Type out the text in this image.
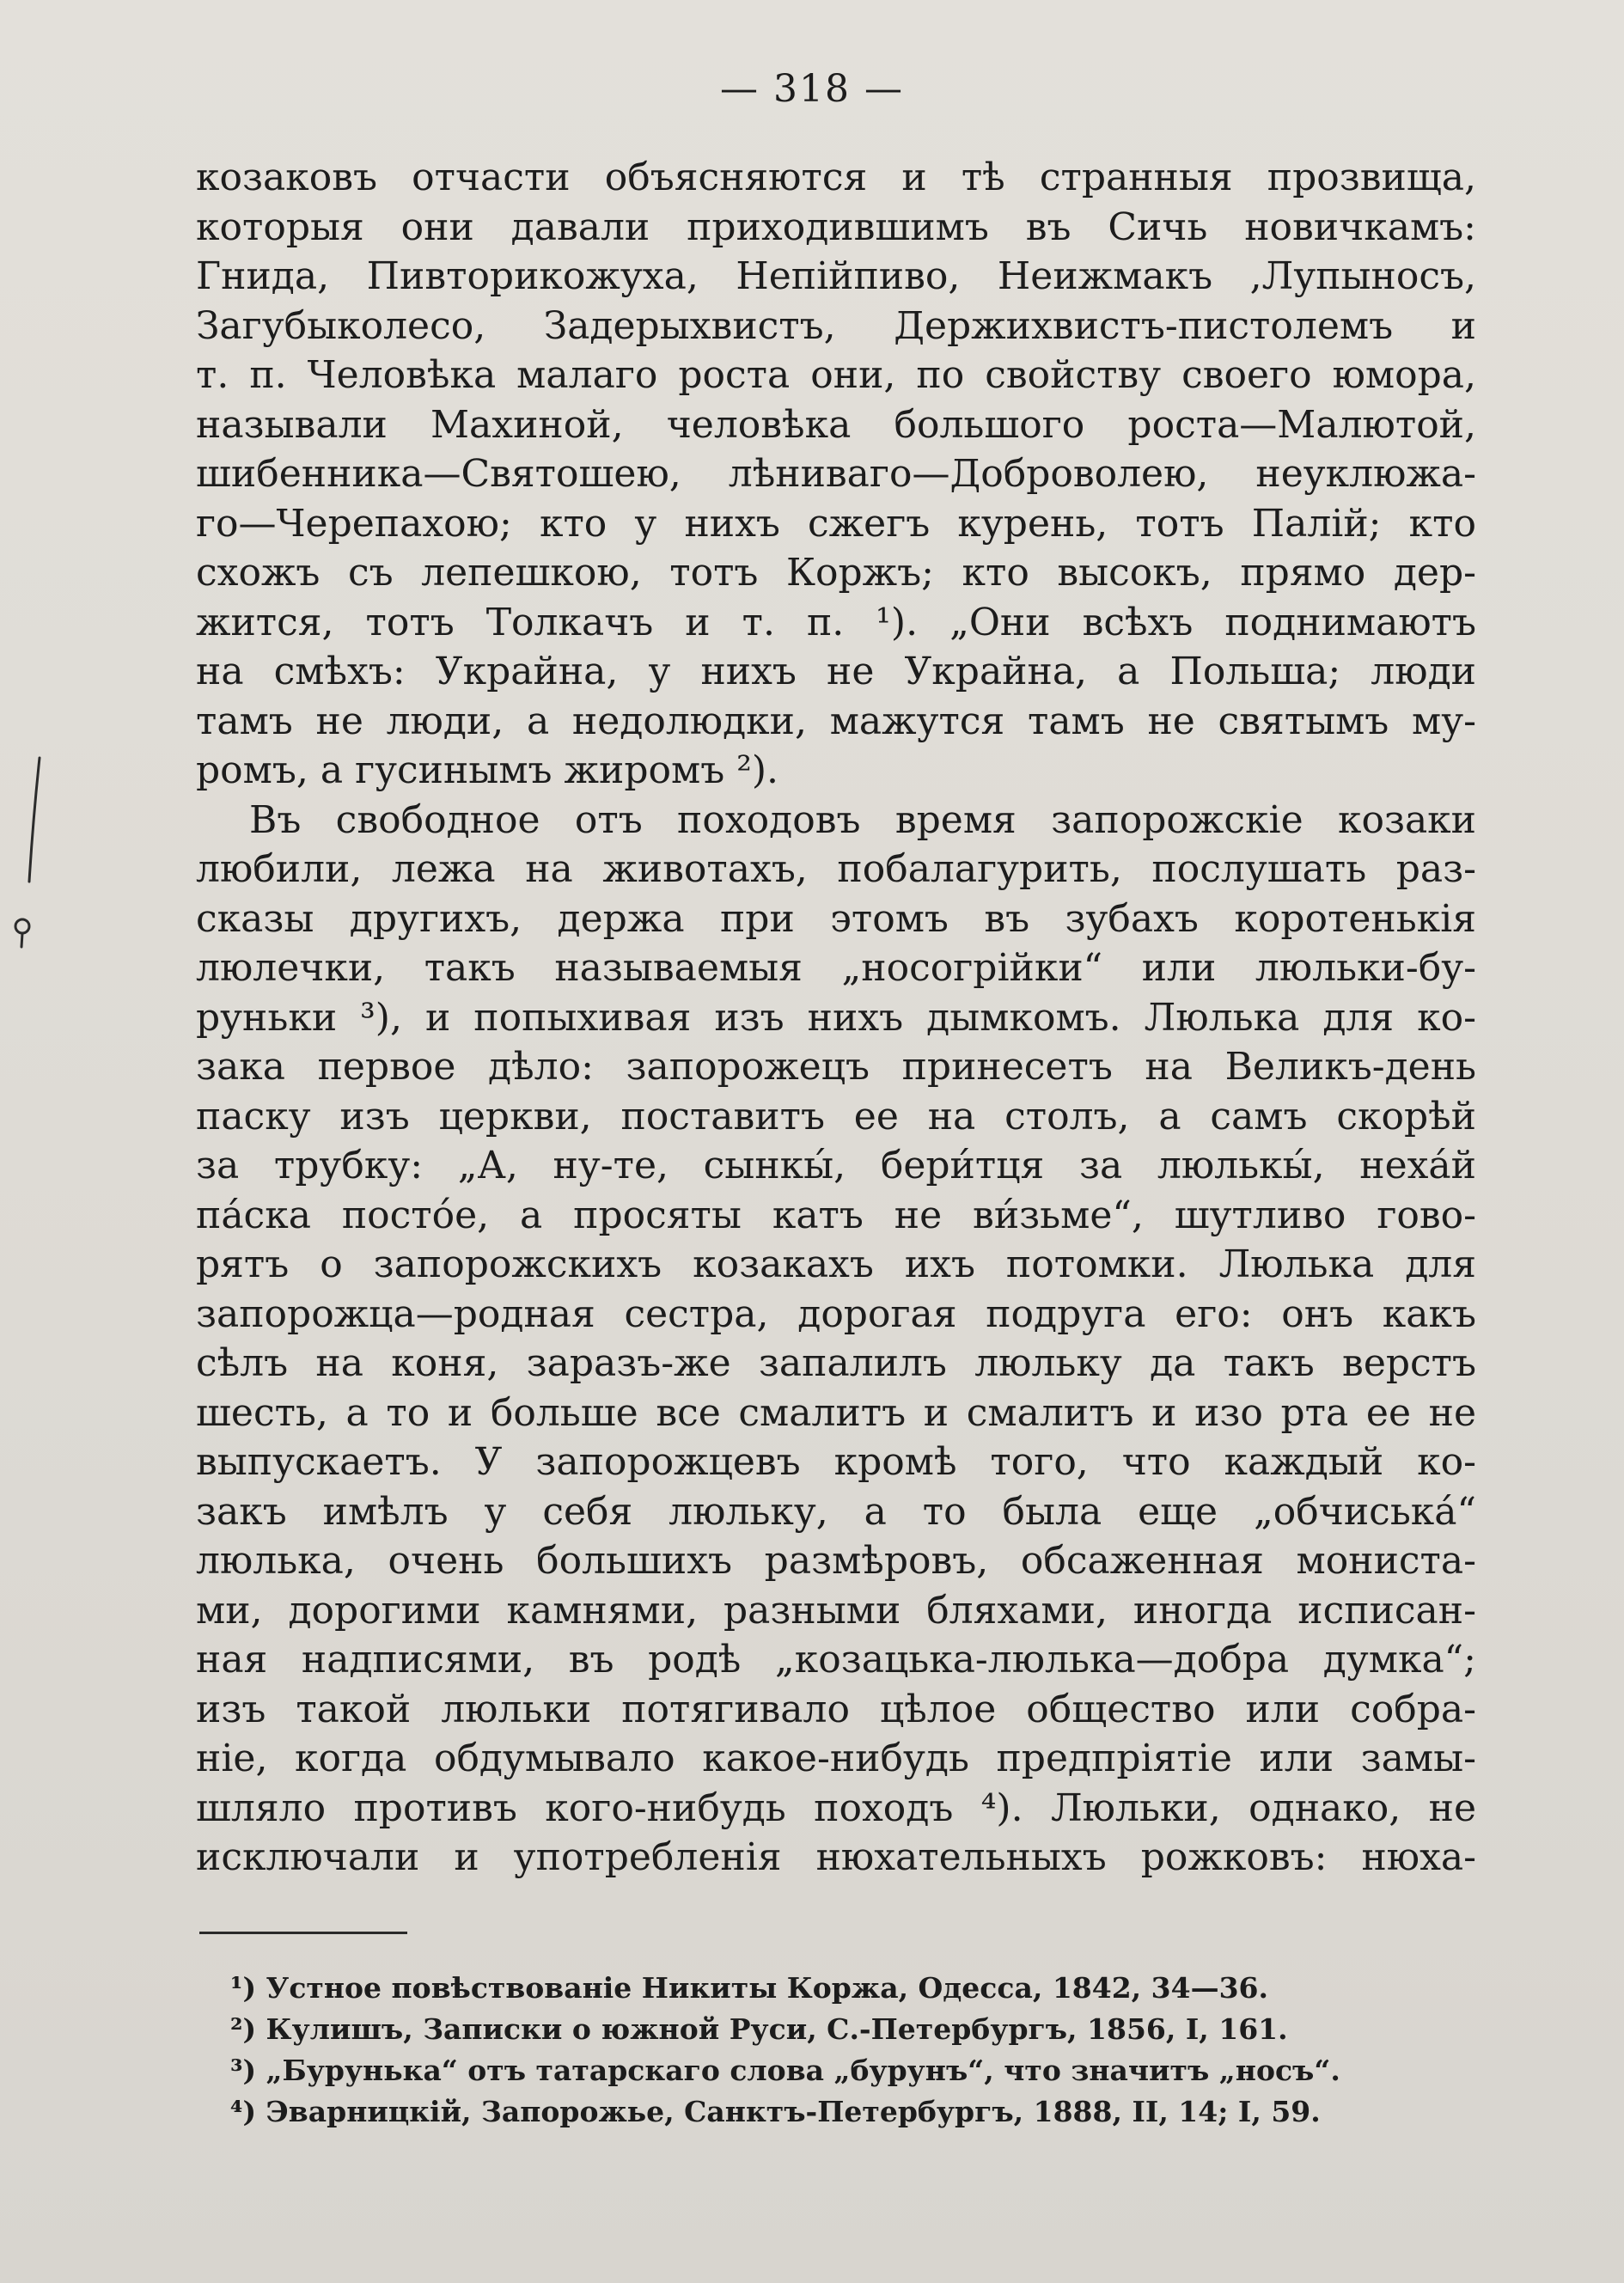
— 318 —
козаковъ отчасти объясняются и тѣ странныя прозвища,
которыя они давали приходившимъ въ Сичь новичкамъ:
Гнида, Пивторикожуха, Непійпиво, Неижмакъ ,Лупыносъ,
Загубыколесо, Задерыхвистъ, Держихвистъ-пистолемъ и
т. п. Человѣка малаго роста они, по свойству своего юмора,
называли Махиной, человѣка большого роста—Малютой,
шибенника—Святошею, лѣниваго—Доброволею, неуклюжа-
го—Черепахою; кто у нихъ сжегъ курень, тотъ Палій; кто
схожъ съ лепешкою, тотъ Коржъ; кто высокъ, прямо дер-
жится, тотъ Толкачъ и т. п. ¹). „Они всѣхъ поднимаютъ
на смѣхъ: Украйна, у нихъ не Украйна, а Польша; люди
тамъ не люди, а недолюдки, мажутся тамъ не святымъ му-
ромъ, а гусинымъ жиромъ ²).
Въ свободное отъ походовъ время запорожскіе козаки
любили, лежа на животахъ, побалагурить, послушать раз-
сказы другихъ, держа при этомъ въ зубахъ коротенькія
люлечки, такъ называемыя „носогрійки“ или люльки-бу-
руньки ³), и попыхивая изъ нихъ дымкомъ. Люлька для ко-
зака первое дѣло: запорожецъ принесетъ на Великъ-день
паску изъ церкви, поставитъ ее на столъ, а самъ скорѣй
за трубку: „А, ну-те, сынкы́, бери́тця за люлькы́, неха́й
па́ска постóе, а просяты катъ не ви́зьме“, шутливо гово-
рятъ о запорожскихъ козакахъ ихъ потомки. Люлька для
запорожца—родная сестра, дорогая подруга его: онъ какъ
сѣлъ на коня, заразъ-же запалилъ люльку да такъ верстъ
шесть, а то и больше все смалитъ и смалитъ и изо рта ее не
выпускаетъ. У запорожцевъ кромѣ того, что каждый ко-
закъ имѣлъ у себя люльку, а то была еще „обчиська́“
люлька, очень большихъ размѣровъ, обсаженная мониста-
ми, дорогими камнями, разными бляхами, иногда исписан-
ная надписями, въ родѣ „козацька-люлька—добра думка“;
изъ такой люльки потягивало цѣлое общество или собра-
ніе, когда обдумывало какое-нибудь предпріятіе или замы-
шляло противъ кого-нибудь походъ ⁴). Люльки, однако, не
исключали и употребленія нюхательныхъ рожковъ: нюха-
¹) Устное повѣствованіе Никиты Коржа, Одесса, 1842, 34—36.
²) Кулишъ, Записки о южной Руси, С.-Петербургъ, 1856, I, 161.
³) „Бурунька“ отъ татарскаго слова „бурунъ“, что значитъ „носъ“.
⁴) Эварницкій, Запорожье, Санктъ-Петербургъ, 1888, II, 14; I, 59.
